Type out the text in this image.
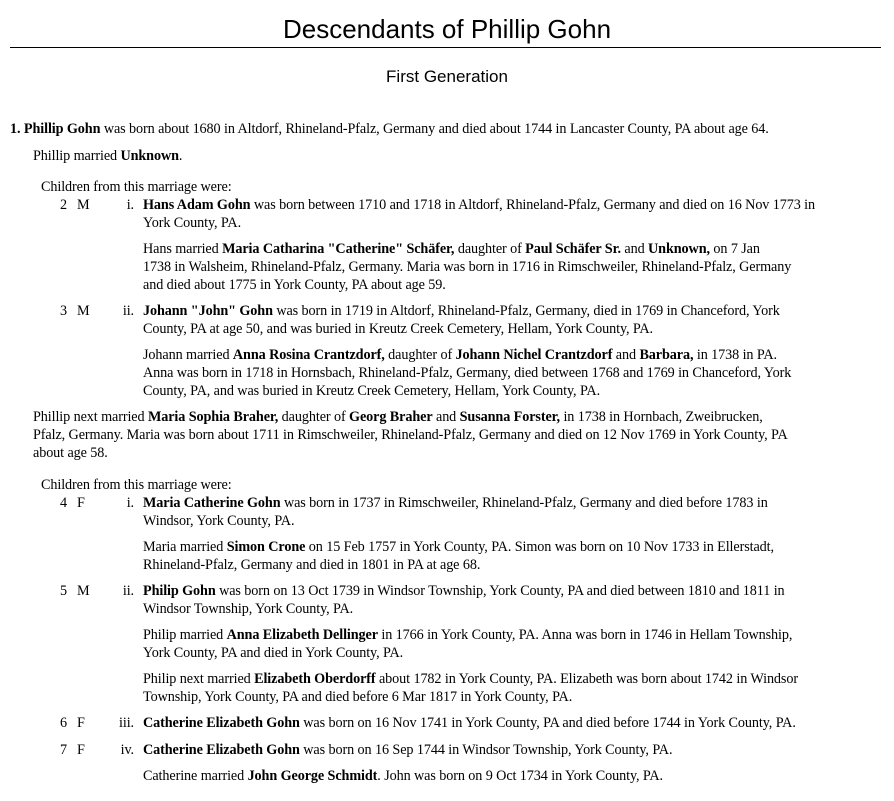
Descendants of Phillip Gohn
First Generation
1. Phillip Gohn was born about 1680 in Altdorf, Rhineland-Pfalz, Germany and died about 1744 in Lancaster County, PA about age 64.
Phillip married Unknown.
Children from this marriage were:
2 M	i. Hans Adam Gohn was born between 1710 and 1718 in Altdorf, Rhineland-Pfalz, Germany and died on 16 Nov 1773 in
York County, PA.
Hans married Maria Catharina "Catherine" Schäfer, daughter of Paul Schäfer Sr. and Unknown, on 7 Jan
1738 in Walsheim, Rhineland-Pfalz, Germany. Maria was born in 1716 in Rimschweiler, Rhineland-Pfalz, Germany
and died about 1775 in York County, PA about age 59.
3 M	ii. Johann "John" Gohn was born in 1719 in Altdorf, Rhineland-Pfalz, Germany, died in 1769 in Chanceford, York
County, PA at age 50, and was buried in Kreutz Creek Cemetery, Hellam, York County, PA.
Johann married Anna Rosina Crantzdorf, daughter of Johann Nichel Crantzdorf and Barbara, in 1738 in PA.
Anna was born in 1718 in Hornsbach, Rhineland-Pfalz, Germany, died between 1768 and 1769 in Chanceford, York
County, PA, and was buried in Kreutz Creek Cemetery, Hellam, York County, PA.
Phillip next married Maria Sophia Braher, daughter of Georg Braher and Susanna Forster, in 1738 in Hornbach, Zweibrucken,
Pfalz, Germany. Maria was born about 1711 in Rimschweiler, Rhineland-Pfalz, Germany and died on 12 Nov 1769 in York County, PA
about age 58.
Children from this marriage were:
4 F	i. Maria Catherine Gohn was born in 1737 in Rimschweiler, Rhineland-Pfalz, Germany and died before 1783 in
Windsor, York County, PA.
Maria married Simon Crone on 15 Feb 1757 in York County, PA. Simon was born on 10 Nov 1733 in Ellerstadt,
Rhineland-Pfalz, Germany and died in 1801 in PA at age 68.
5 M	ii. Philip Gohn was born on 13 Oct 1739 in Windsor Township, York County, PA and died between 1810 and 1811 in
Windsor Township, York County, PA.
Philip married Anna Elizabeth Dellinger in 1766 in York County, PA. Anna was born in 1746 in Hellam Township,
York County, PA and died in York County, PA.
Philip next married Elizabeth Oberdorff about 1782 in York County, PA. Elizabeth was born about 1742 in Windsor
Township, York County, PA and died before 6 Mar 1817 in York County, PA.
6 F	iii. Catherine Elizabeth Gohn was born on 16 Nov 1741 in York County, PA and died before 1744 in York County, PA.
7 F	iv. Catherine Elizabeth Gohn was born on 16 Sep 1744 in Windsor Township, York County, PA.
Catherine married John George Schmidt. John was born on 9 Oct 1734 in York County, PA.
